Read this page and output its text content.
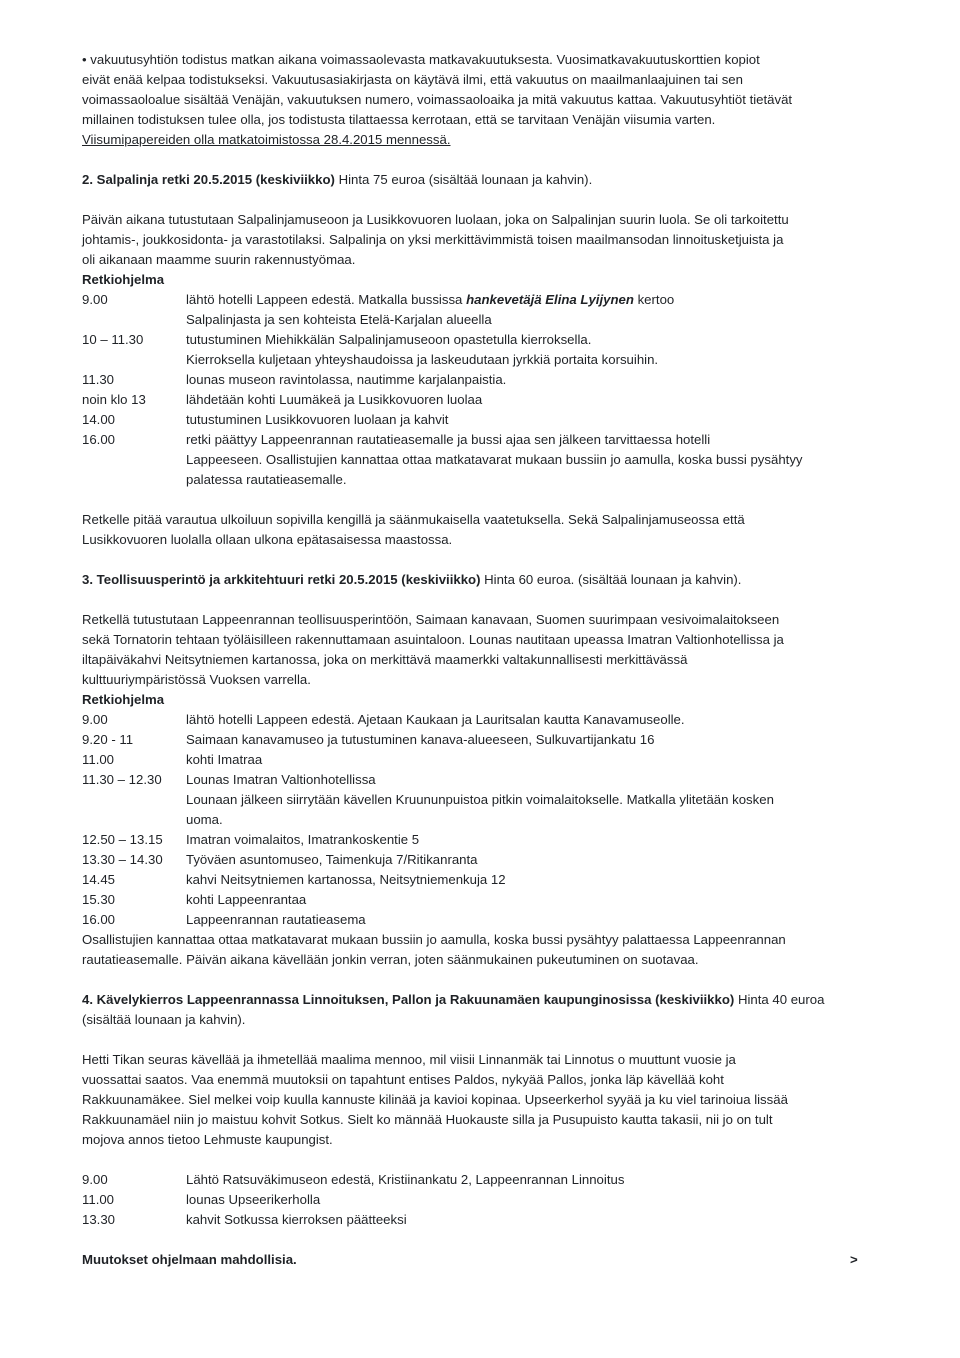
• vakuutusyhtiön todistus matkan aikana voimassaolevasta matkavakuutuksesta. Vuosimatkavakuutuskorttien kopiot

eivät enää kelpaa todistukseksi. Vakuutusasiakirjasta on käytävä ilmi, että vakuutus on maailmanlaajuinen tai sen

voimassaoloalue sisältää Venäjän, vakuutuksen numero, voimassaoloaika ja mitä vakuutus kattaa. Vakuutusyhtiöt tietävät

millainen todistuksen tulee olla, jos todistusta tilattaessa kerrotaan, että se tarvitaan Venäjän viisumia varten.

Viisumipapereiden olla matkatoimistossa 28.4.2015 mennessä.

2. Salpalinja retki 20.5.2015 (keskiviikko) Hinta 75 euroa (sisältää lounaan ja kahvin).

Päivän aikana tutustutaan Salpalinjamuseoon ja Lusikkovuoren luolaan, joka on Salpalinjan suurin luola. Se oli tarkoitettu

johtamis-, joukkosidonta- ja varastotilaksi. Salpalinja on yksi merkittävimmistä toisen maailmansodan linnoitusketjuista ja

oli aikanaan maamme suurin rakennustyömaa.

Retkiohjelma

9.00	lähtö hotelli Lappeen edestä. Matkalla bussissa hankevetäjä Elina Lyijynen kertoo
Salpalinjasta ja sen kohteista Etelä-Karjalan alueella
10 – 11.30	tutustuminen Miehikkälän Salpalinjamuseoon opastetulla kierroksella.
Kierroksella kuljetaan yhteyshaudoissa ja laskeudutaan jyrkkiä portaita korsuihin.
11.30	lounas museon ravintolassa, nautimme karjalanpaistia.
noin klo 13	lähdetään kohti Luumäkeä ja Lusikkovuoren luolaa
14.00	tutustuminen Lusikkovuoren luolaan ja kahvit
16.00	retki päättyy Lappeenrannan rautatieasemalle ja bussi ajaa sen jälkeen tarvittaessa hotelli
Lappeeseen. Osallistujien kannattaa ottaa matkatavarat mukaan bussiin jo aamulla, koska bussi pysähtyy
palatessa rautatieasemalle.

Retkelle pitää varautua ulkoiluun sopivilla kengillä ja säänmukaisella vaatetuksella. Sekä Salpalinjamuseossa että

Lusikkovuoren luolalla ollaan ulkona epätasaisessa maastossa.

3. Teollisuusperintö ja arkkitehtuuri retki 20.5.2015 (keskiviikko) Hinta 60 euroa. (sisältää lounaan ja kahvin).

Retkellä tutustutaan Lappeenrannan teollisuusperintöön, Saimaan kanavaan, Suomen suurimpaan vesivoimalaitokseen

sekä Tornatorin tehtaan työläisilleen rakennuttamaan asuintaloon. Lounas nautitaan upeassa Imatran Valtionhotellissa ja

iltapäiväkahvi Neitsytniemen kartanossa, joka on merkittävä maamerkki valtakunnallisesti merkittävässä

kulttuuriympäristössä Vuoksen varrella.

Retkiohjelma

9.00	lähtö hotelli Lappeen edestä. Ajetaan Kaukaan ja Lauritsalan kautta Kanavamuseolle.
9.20 - 11	Saimaan kanavamuseo ja tutustuminen kanava-alueeseen, Sulkuvartijankatu 16
11.00	kohti Imatraa
11.30 – 12.30	Lounas Imatran Valtionhotellissa
Lounaan jälkeen siirrytään kävellen Kruununpuistoa pitkin voimalaitokselle. Matkalla ylitetään kosken
uoma.
12.50 – 13.15	Imatran voimalaitos, Imatrankoskentie 5
13.30 – 14.30	Työväen asuntomuseo, Taimenkuja 7/Ritikanranta
14.45	kahvi Neitsytniemen kartanossa, Neitsytniemenkuja 12
15.30	kohti Lappeenrantaa
16.00	Lappeenrannan rautatieasema

Osallistujien kannattaa ottaa matkatavarat mukaan bussiin jo aamulla, koska bussi pysähtyy palattaessa Lappeenrannan

rautatieasemalle. Päivän aikana kävellään jonkin verran, joten säänmukainen pukeutuminen on suotavaa.

4. Kävelykierros Lappeenrannassa Linnoituksen, Pallon ja Rakuunamäen kaupunginosissa (keskiviikko) Hinta 40 euroa

(sisältää lounaan ja kahvin).

Hetti Tikan seuras kävellää ja ihmetellää maalima mennoo, mil viisii Linnanmäk tai Linnotus o muuttunt vuosie ja

vuossattai saatos. Vaa enemmä muutoksii on tapahtunt entises Paldos, nykyää Pallos, jonka läp kävellää koht

Rakkuunamäkee. Siel melkei voip kuulla kannuste kilinää ja kavioi kopinaa. Upseerkerhol syyää ja ku viel tarinoiua lissää

Rakkuunamäel niin jo maistuu kohvit Sotkus. Sielt ko männää Huokauste silla ja Pusupuisto kautta takasii, nii jo on tult

mojova annos tietoo Lehmuste kaupungist.

9.00	Lähtö Ratsuväkimuseon edestä, Kristiinankatu 2, Lappeenrannan Linnoitus
11.00	lounas Upseerikerholla
13.30	kahvit Sotkussa kierroksen päätteeksi

Muutokset ohjelmaan mahdollisia.	>
